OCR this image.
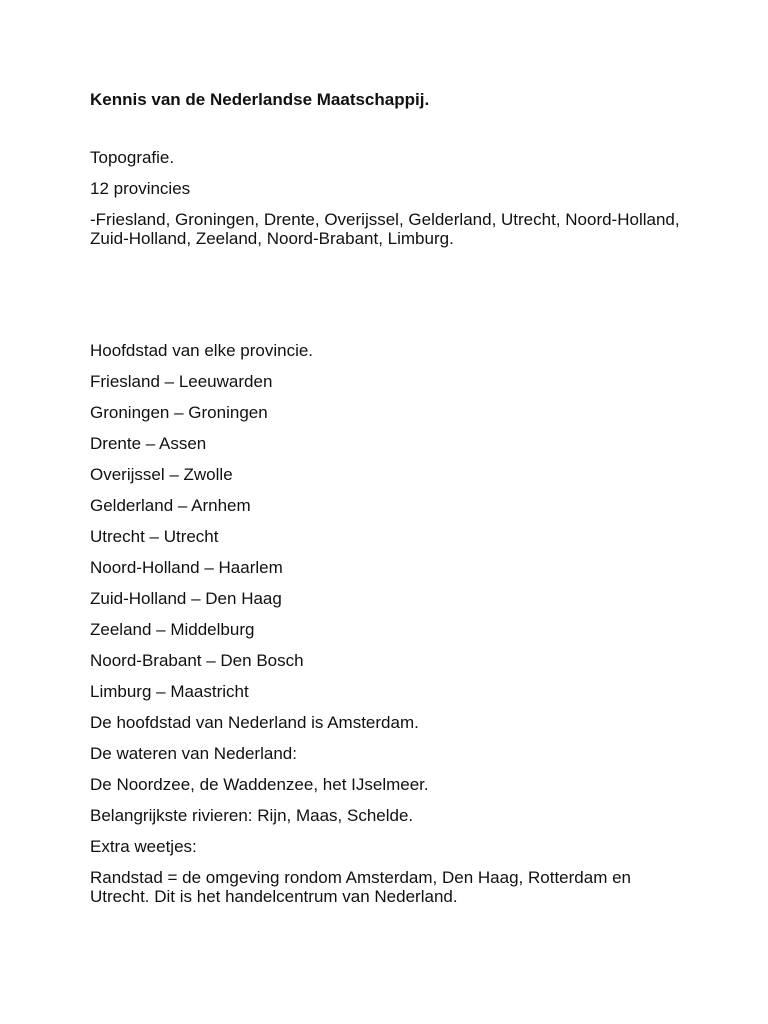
Kennis van de Nederlandse Maatschappij.
Topografie.
12 provincies
-Friesland, Groningen, Drente, Overijssel, Gelderland, Utrecht, Noord-Holland, Zuid-Holland, Zeeland, Noord-Brabant, Limburg.
Hoofdstad van elke provincie.
Friesland – Leeuwarden
Groningen – Groningen
Drente – Assen
Overijssel – Zwolle
Gelderland – Arnhem
Utrecht – Utrecht
Noord-Holland – Haarlem
Zuid-Holland – Den Haag
Zeeland – Middelburg
Noord-Brabant – Den Bosch
Limburg – Maastricht
De hoofdstad van Nederland is Amsterdam.
De wateren van Nederland:
De Noordzee, de Waddenzee, het IJselmeer.
Belangrijkste rivieren: Rijn, Maas, Schelde.
Extra weetjes:
Randstad = de omgeving rondom Amsterdam, Den Haag, Rotterdam en Utrecht. Dit is het handelcentrum van Nederland.
